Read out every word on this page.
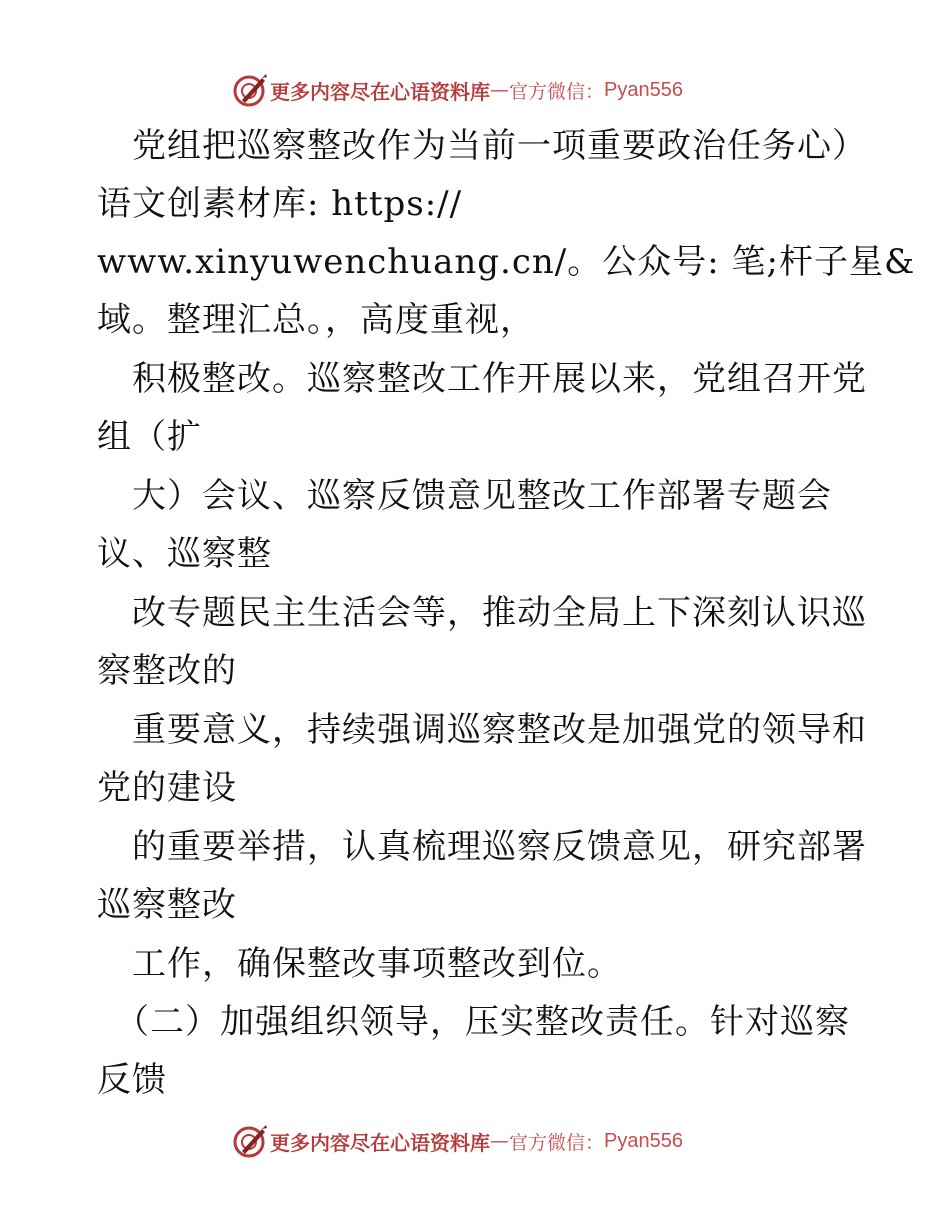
更多内容尽在心语资料库 — 官方微信： Pyan556
　党组把巡察整改作为当前一项重要政治任务心）
语文创素材库: https://
www.xinyuwenchuang.cn/。公众号: 笔;杆子星&
域。整理汇总。，高度重视，
　积极整改。巡察整改工作开展以来，党组召开党
组（扩
　大）会议、巡察反馈意见整改工作部署专题会
议、巡察整
　改专题民主生活会等，推动全局上下深刻认识巡
察整改的
　重要意义，持续强调巡察整改是加强党的领导和
党的建设
　的重要举措，认真梳理巡察反馈意见，研究部署
巡察整改
　工作，确保整改事项整改到位。
　（二）加强组织领导，压实整改责任。针对巡察
反馈
更多内容尽在心语资料库 — 官方微信： Pyan556
